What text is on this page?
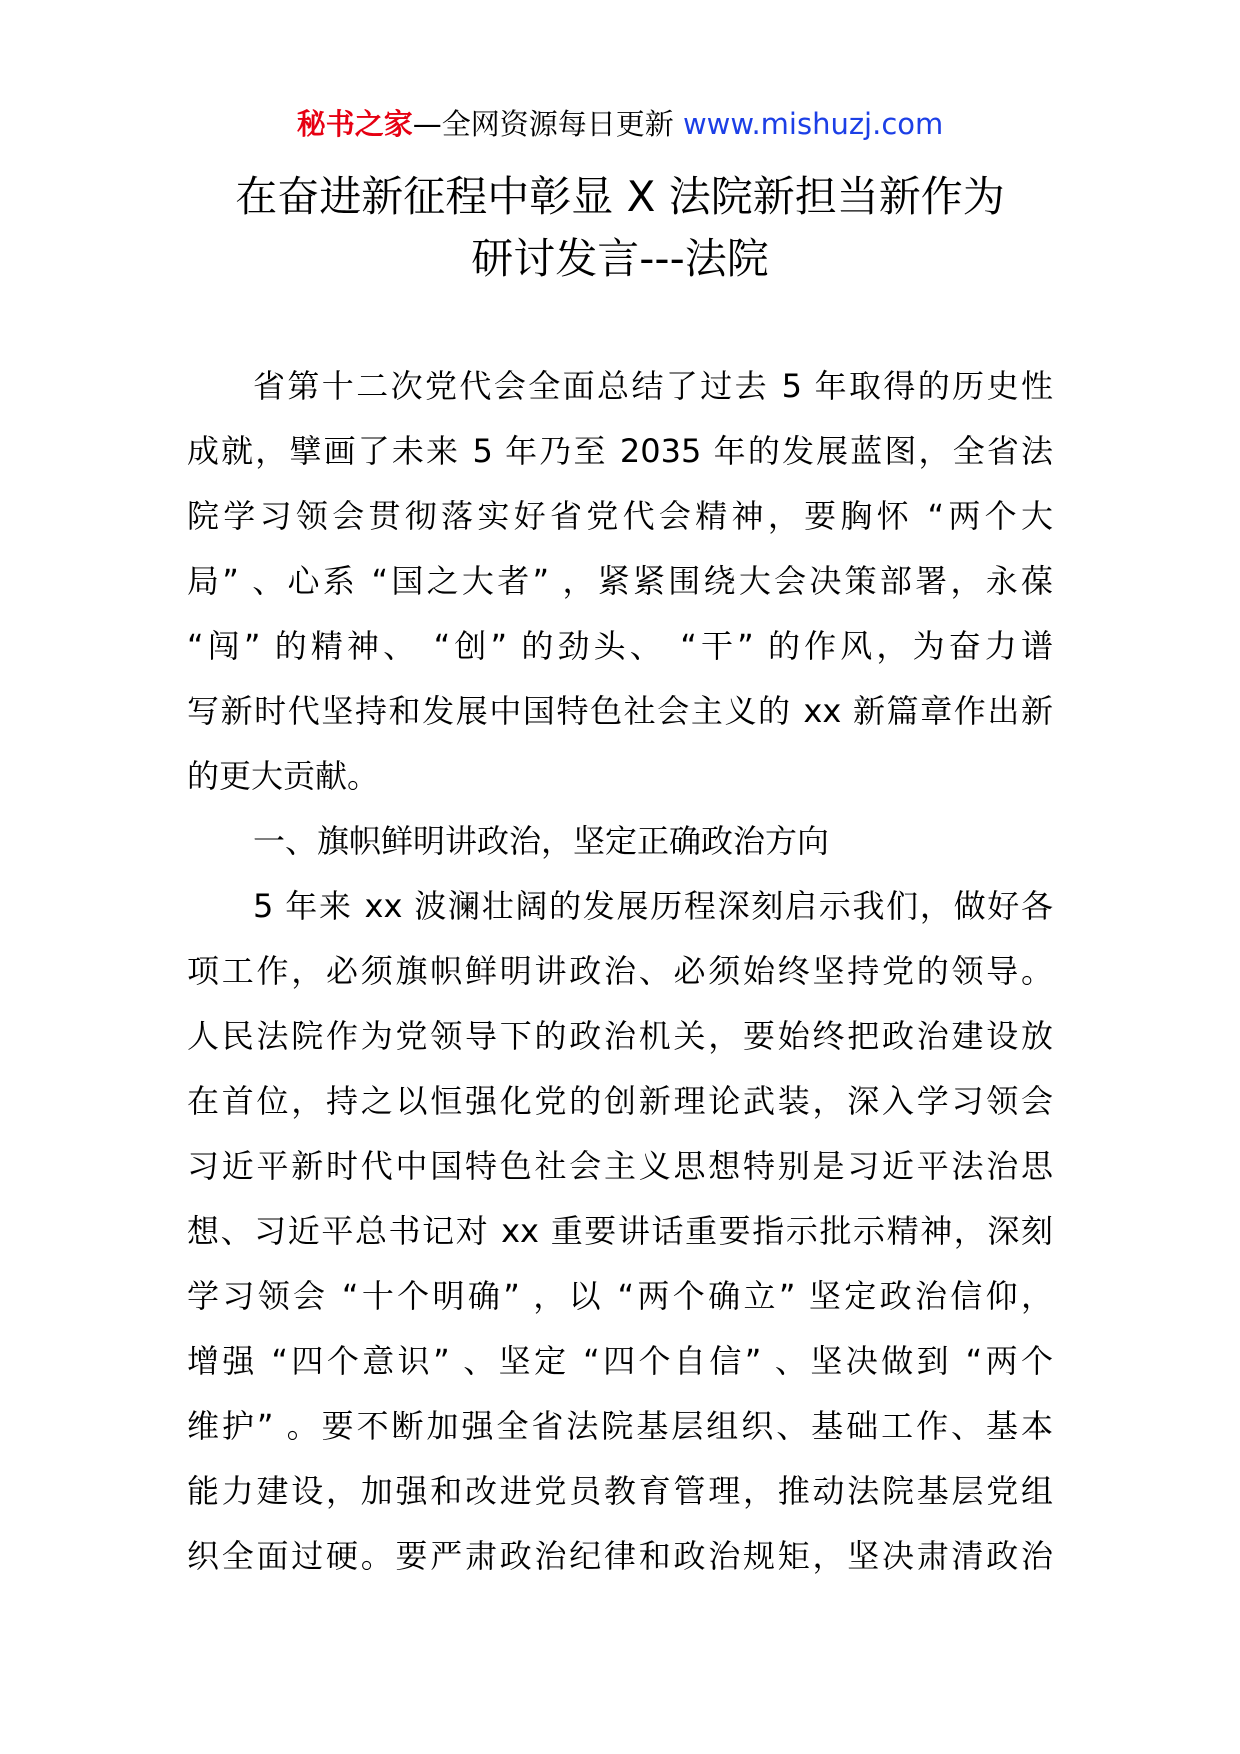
秘书之家—全网资源每日更新 www.mishuzj.com
在奋进新征程中彰显 X 法院新担当新作为
研讨发言---法院
省第十二次党代会全面总结了过去 5 年取得的历史性
成就，擘画了未来 5 年乃至 2035 年的发展蓝图，全省法
院学习领会贯彻落实好省党代会精神，要胸怀 “两个大
局” 、心系 “国之大者” ，紧紧围绕大会决策部署，永葆
“闯” 的精神、 “创” 的劲头、 “干” 的作风，为奋力谱
写新时代坚持和发展中国特色社会主义的 xx 新篇章作出新
的更大贡献。
一、旗帜鲜明讲政治，坚定正确政治方向
5 年来 xx 波澜壮阔的发展历程深刻启示我们，做好各
项工作，必须旗帜鲜明讲政治、必须始终坚持党的领导。
人民法院作为党领导下的政治机关，要始终把政治建设放
在首位，持之以恒强化党的创新理论武装，深入学习领会
习近平新时代中国特色社会主义思想特别是习近平法治思
想、习近平总书记对 xx 重要讲话重要指示批示精神，深刻
学习领会 “十个明确” ，以 “两个确立” 坚定政治信仰，
增强 “四个意识” 、坚定 “四个自信” 、坚决做到 “两个
维护” 。要不断加强全省法院基层组织、基础工作、基本
能力建设，加强和改进党员教育管理，推动法院基层党组
织全面过硬。要严肃政治纪律和政治规矩，坚决肃清政治
